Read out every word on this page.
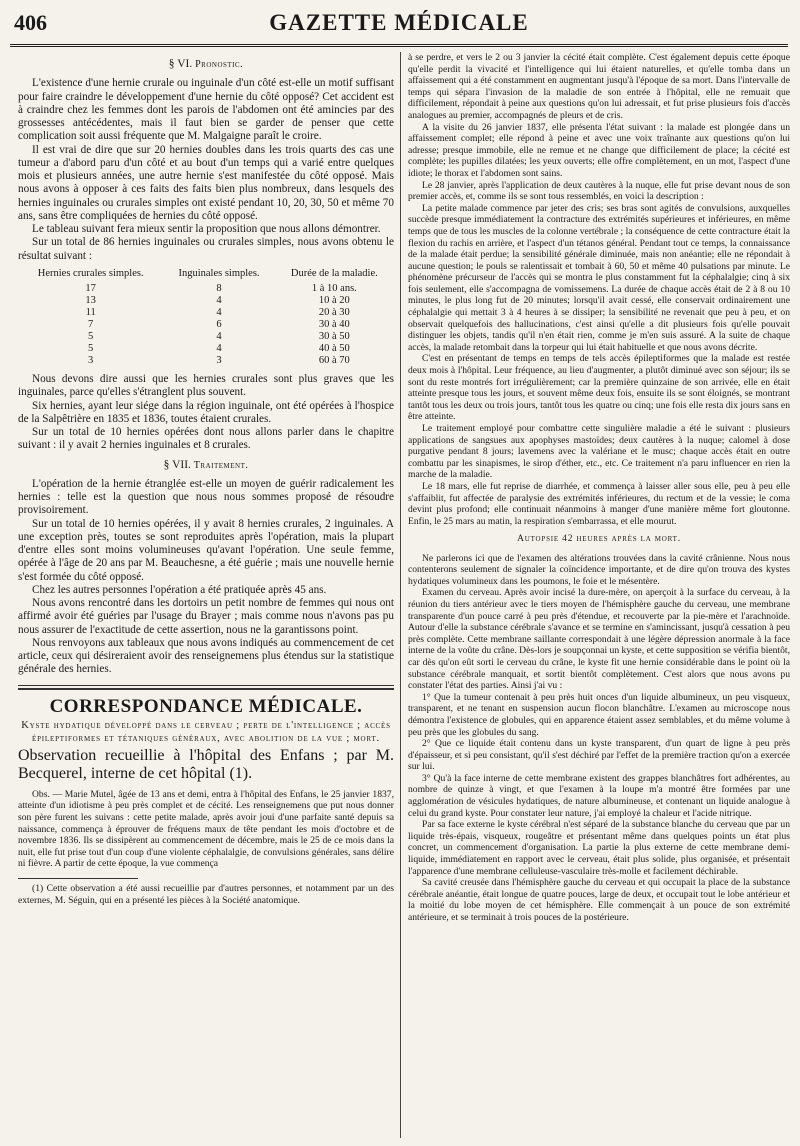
406	GAZETTE MÉDICALE
§ VI. Pronostic.

L'existence d'une hernie crurale ou inguinale d'un côté est-elle un motif suffisant pour faire craindre le développement d'une hernie du côté opposé? Cet accident est à craindre chez les femmes dont les parois de l'abdomen ont été amincies par des grossesses antécédentes, mais il faut bien se garder de penser que cette complication soit aussi fréquente que M. Malgaigne paraît le croire.

Il est vrai de dire que sur 20 hernies doubles dans les trois quarts des cas une tumeur a d'abord paru d'un côté et au bout d'un temps qui a varié entre quelques mois et plusieurs années, une autre hernie s'est manifestée du côté opposé. Mais nous avons à opposer à ces faits des faits bien plus nombreux, dans lesquels des hernies inguinales ou crurales simples ont existé pendant 10, 20, 30, 50 et même 70 ans, sans être compliquées de hernies du côté opposé.

Le tableau suivant fera mieux sentir la proposition que nous allons démontrer.

Sur un total de 86 hernies inguinales ou crurales simples, nous avons obtenu le résultat suivant :

Hernies crurales simples.	Inguinales simples.	Durée de la maladie.
17	8	1 à 10 ans.
13	4	10 à 20
11	4	20 à 30
7	6	30 à 40
5	4	30 à 50
5	4	40 à 50
3	3	60 à 70

Nous devons dire aussi que les hernies crurales sont plus graves que les inguinales, parce qu'elles s'étranglent plus souvent.

Six hernies, ayant leur siége dans la région inguinale, ont été opérées à l'hospice de la Salpêtrière en 1835 et 1836, toutes étaient crurales.

Sur un total de 10 hernies opérées dont nous allons parler dans le chapitre suivant : il y avait 2 hernies inguinales et 8 crurales.

§ VII. Traitement.

L'opération de la hernie étranglée est-elle un moyen de guérir radicalement les hernies : telle est la question que nous nous sommes proposé de résoudre provisoirement.

Sur un total de 10 hernies opérées, il y avait 8 hernies crurales, 2 inguinales. A une exception près, toutes se sont reproduites après l'opération, mais la plupart d'entre elles sont moins volumineuses qu'avant l'opération. Une seule femme, opérée à l'âge de 20 ans par M. Beauchesne, a été guérie ; mais une nouvelle hernie s'est formée du côté opposé.

Chez les autres personnes l'opération a été pratiquée après 45 ans.

Nous avons rencontré dans les dortoirs un petit nombre de femmes qui nous ont affirmé avoir été guéries par l'usage du Brayer ; mais comme nous n'avons pas pu nous assurer de l'exactitude de cette assertion, nous ne la garantissons point.

Nous renvoyons aux tableaux que nous avons indiqués au commencement de cet article, ceux qui désireraient avoir des renseignemens plus étendus sur la statistique générale des hernies.

CORRESPONDANCE MÉDICALE.
Kyste hydatique développé dans le cerveau ; perte de l'intelligence ; accès épileptiformes et tétaniques généraux, avec abolition de la vue ; mort.
Observation recueillie à l'hôpital des Enfans ; par M. Becquerel, interne de cet hôpital (1).

Obs. — Marie Mutel, âgée de 13 ans et demi, entra à l'hôpital des Enfans, le 25 janvier 1837, atteinte d'un idiotisme à peu près complet et de cécité. Les renseignemens que put nous donner son père furent les suivans : cette petite malade, après avoir joui d'une parfaite santé depuis sa naissance, commença à éprouver de fréquens maux de tête pendant les mois d'octobre et de novembre 1836. Ils se dissipèrent au commencement de décembre, mais le 25 de ce mois dans la nuit, elle fut prise tout d'un coup d'une violente céphalalgie, de convulsions générales, sans délire ni fièvre. A partir de cette époque, la vue commença

(1) Cette observation a été aussi recueillie par d'autres personnes, et notamment par un des externes, M. Séguin, qui en a présenté les pièces à la Société anatomique.

à se perdre, et vers le 2 ou 3 janvier la cécité était complète. C'est également depuis cette époque qu'elle perdit la vivacité et l'intelligence qui lui étaient naturelles, et qu'elle tomba dans un affaissement qui a été constamment en augmentant jusqu'à l'époque de sa mort. Dans l'intervalle de temps qui sépara l'invasion de la maladie de son entrée à l'hôpital, elle ne remuait que difficilement, répondait à peine aux questions qu'on lui adressait, et fut prise plusieurs fois d'accès analogues au premier, accompagnés de pleurs et de cris.

A la visite du 26 janvier 1837, elle présenta l'état suivant : la malade est plongée dans un affaissement complet; elle répond à peine et avec une voix traînante aux questions qu'on lui adresse; presque immobile, elle ne remue et ne change que difficilement de place; la cécité est complète; les pupilles dilatées; les yeux ouverts; elle offre complètement, en un mot, l'aspect d'une idiote; le thorax et l'abdomen sont sains.

Le 28 janvier, après l'application de deux cautères à la nuque, elle fut prise devant nous de son premier accès, et, comme ils se sont tous ressemblés, en voici la description :

La petite malade commence par jeter des cris; ses bras sont agités de convulsions, auxquelles succède presque immédiatement la contracture des extrémités supérieures et inférieures, en même temps que de tous les muscles de la colonne vertébrale ; la conséquence de cette contracture était la flexion du rachis en arrière, et l'aspect d'un tétanos général. Pendant tout ce temps, la connaissance de la malade était perdue; la sensibilité générale diminuée, mais non anéantie; elle ne répondait à aucune question; le pouls se ralentissait et tombait à 60, 50 et même 40 pulsations par minute. Le phénomène précurseur de l'accès qui se montra le plus constamment fut la céphalalgie; cinq à six fois seulement, elle s'accompagna de vomissemens. La durée de chaque accès était de 2 à 8 ou 10 minutes, le plus long fut de 20 minutes; lorsqu'il avait cessé, elle conservait ordinairement une céphalalgie qui mettait 3 à 4 heures à se dissiper; la sensibilité ne revenait que peu à peu, et on observait quelquefois des hallucinations, c'est ainsi qu'elle a dit plusieurs fois qu'elle pouvait distinguer les objets, tandis qu'il n'en était rien, comme je m'en suis assuré. A la suite de chaque accès, la malade retombait dans la torpeur qui lui était habituelle et que nous avons décrite.

C'est en présentant de temps en temps de tels accès épileptiformes que la malade est restée deux mois à l'hôpital. Leur fréquence, au lieu d'augmenter, a plutôt diminué avec son séjour; ils se sont du reste montrés fort irrégulièrement; car la première quinzaine de son arrivée, elle en était atteinte presque tous les jours, et souvent même deux fois, ensuite ils se sont éloignés, se montrant tantôt tous les deux ou trois jours, tantôt tous les quatre ou cinq; une fois elle resta dix jours sans en être atteinte.

Le traitement employé pour combattre cette singulière maladie a été le suivant : plusieurs applications de sangsues aux apophyses mastoïdes; deux cautères à la nuque; calomel à dose purgative pendant 8 jours; lavemens avec la valériane et le musc; chaque accès était en outre combattu par les sinapismes, le sirop d'éther, etc., etc. Ce traitement n'a paru influencer en rien la marche de la maladie.

Le 18 mars, elle fut reprise de diarrhée, et commença à laisser aller sous elle, peu à peu elle s'affaiblit, fut affectée de paralysie des extrémités inférieures, du rectum et de la vessie; le coma devint plus profond; elle continuait néanmoins à manger d'une manière même fort gloutonne. Enfin, le 25 mars au matin, la respiration s'embarrassa, et elle mourut.

Autopsie 42 heures après la mort.

Ne parlerons ici que de l'examen des altérations trouvées dans la cavité crânienne. Nous nous contenterons seulement de signaler la coïncidence importante, et de dire qu'on trouva des kystes hydatiques volumineux dans les poumons, le foie et le mésentère.

Examen du cerveau. Après avoir incisé la dure-mère, on aperçoit à la surface du cerveau, à la réunion du tiers antérieur avec le tiers moyen de l'hémisphère gauche du cerveau, une membrane transparente d'un pouce carré à peu près d'étendue, et recouverte par la pie-mère et l'arachnoïde. Autour d'elle la substance cérébrale s'avance et se termine en s'amincissant, jusqu'à cessation à peu près complète. Cette membrane saillante correspondait à une légère dépression anormale à la face interne de la voûte du crâne. Dès-lors je soupçonnai un kyste, et cette supposition se vérifia bientôt, car dès qu'on eût sorti le cerveau du crâne, le kyste fit une hernie considérable dans le point où la substance cérébrale manquait, et sortit bientôt complètement. C'est alors que nous avons pu constater l'état des parties. Ainsi j'ai vu :

1° Que la tumeur contenait à peu près huit onces d'un liquide albumineux, un peu visqueux, transparent, et ne tenant en suspension aucun flocon blanchâtre. L'examen au microscope nous démontra l'existence de globules, qui en apparence étaient assez semblables, et du même volume à peu près que les globules du sang.

2° Que ce liquide était contenu dans un kyste transparent, d'un quart de ligne à peu près d'épaisseur, et si peu consistant, qu'il s'est déchiré par l'effet de la première traction qu'on a exercée sur lui.

3° Qu'à la face interne de cette membrane existent des grappes blanchâtres fort adhérentes, au nombre de quinze à vingt, et que l'examen à la loupe m'a montré être formées par une agglomération de vésicules hydatiques, de nature albumineuse, et contenant un liquide analogue à celui du grand kyste. Pour constater leur nature, j'ai employé la chaleur et l'acide nitrique.

Par sa face externe le kyste cérébral n'est séparé de la substance blanche du cerveau que par un liquide très-épais, visqueux, rougeâtre et présentant même dans quelques points un état plus concret, un commencement d'organisation. La partie la plus externe de cette membrane demi-liquide, immédiatement en rapport avec le cerveau, était plus solide, plus organisée, et présentait l'apparence d'une membrane celluleuse-vasculaire très-molle et facilement déchirable.

Sa cavité creusée dans l'hémisphère gauche du cerveau et qui occupait la place de la substance cérébrale anéantie, était longue de quatre pouces, large de deux, et occupait tout le lobe antérieur et la moitié du lobe moyen de cet hémisphère. Elle commençait à un pouce de son extrémité antérieure, et se terminait à trois pouces de la postérieure.
